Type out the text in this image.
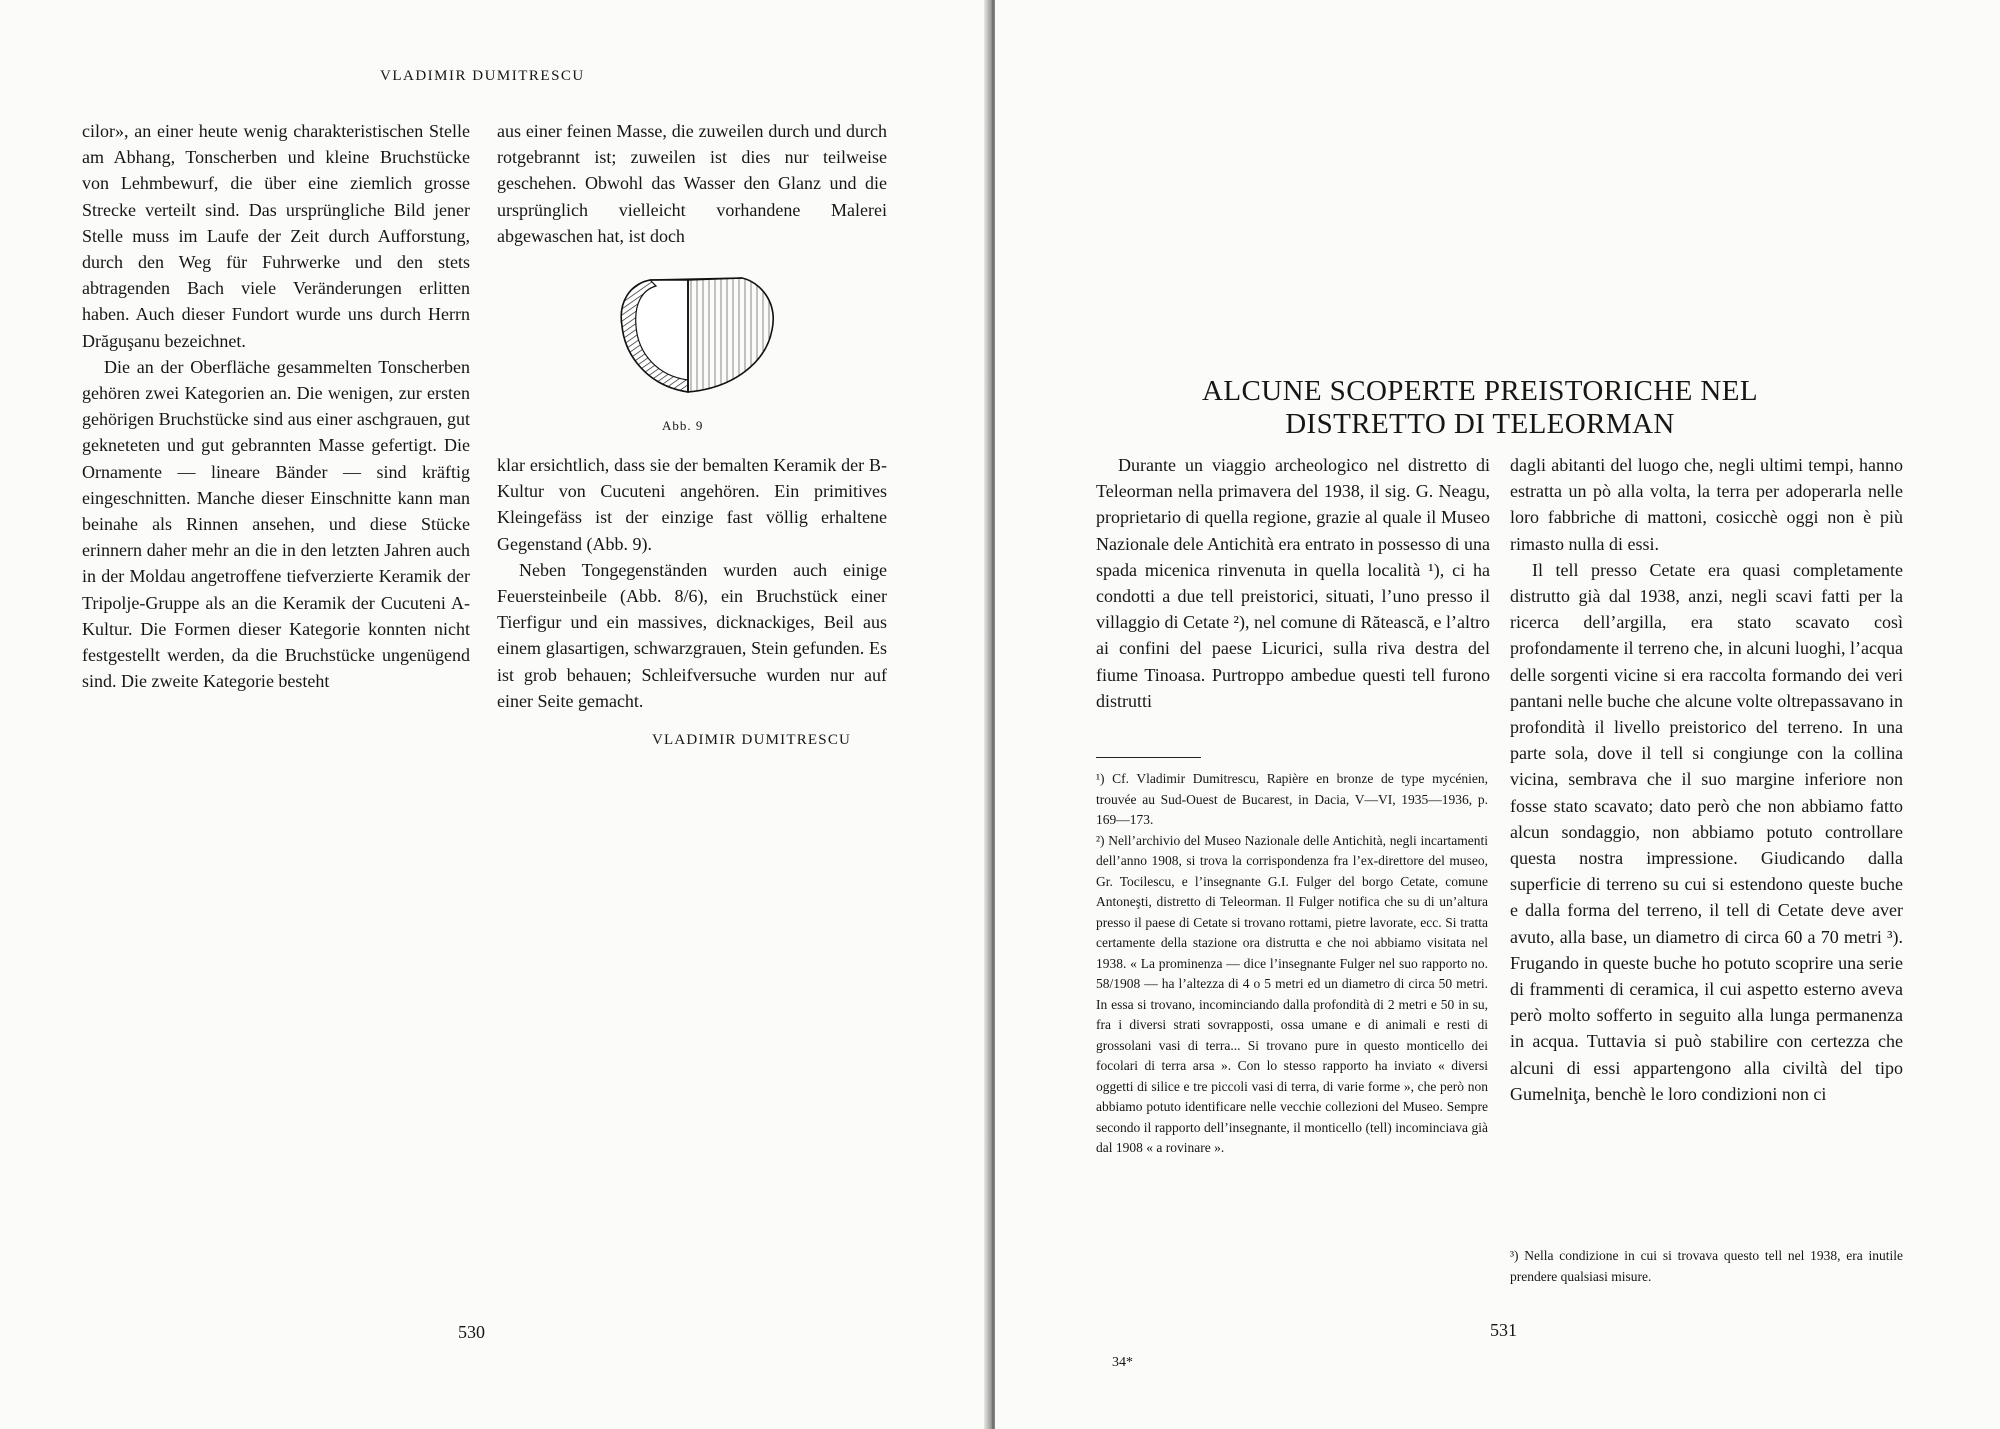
VLADIMIR DUMITRESCU

cilor», an einer heute wenig charakteristischen Stelle am Abhang, Tonscherben und kleine Bruchstücke von Lehmbewurf, die über eine ziemlich grosse Strecke verteilt sind. Das ursprüngliche Bild jener Stelle muss im Laufe der Zeit durch Aufforstung, durch den Weg für Fuhrwerke und den stets abtragenden Bach viele Veränderungen erlitten haben. Auch dieser Fundort wurde uns durch Herrn Drăguşanu bezeichnet.

Die an der Oberfläche gesammelten Tonscherben gehören zwei Kategorien an. Die wenigen, zur ersten gehörigen Bruchstücke sind aus einer aschgrauen, gut gekneteten und gut gebrannten Masse gefertigt. Die Ornamente — lineare Bänder — sind kräftig eingeschnitten. Manche dieser Einschnitte kann man beinahe als Rinnen ansehen, und diese Stücke erinnern daher mehr an die in den letzten Jahren auch in der Moldau angetroffene tiefverzierte Keramik der Tripolje-Gruppe als an die Keramik der Cucuteni A-Kultur. Die Formen dieser Kategorie konnten nicht festgestellt werden, da die Bruchstücke ungenügend sind. Die zweite Kategorie besteht

aus einer feinen Masse, die zuweilen durch und durch rotgebrannt ist; zuweilen ist dies nur teilweise geschehen. Obwohl das Wasser den Glanz und die ursprünglich vielleicht vorhandene Malerei abgewaschen hat, ist doch

Abb. 9

klar ersichtlich, dass sie der bemalten Keramik der B-Kultur von Cucuteni angehören. Ein primitives Kleingefäss ist der einzige fast völlig erhaltene Gegenstand (Abb. 9).

Neben Tongegenständen wurden auch einige Feuersteinbeile (Abb. 8/6), ein Bruchstück einer Tierfigur und ein massives, dicknackiges, Beil aus einem glasartigen, schwarzgrauen, Stein gefunden. Es ist grob behauen; Schleifversuche wurden nur auf einer Seite gemacht.

VLADIMIR DUMITRESCU
530
ALCUNE SCOPERTE PREISTORICHE NEL
DISTRETTO DI TELEORMAN

Durante un viaggio archeologico nel distretto di Teleorman nella primavera del 1938, il sig. G. Neagu, proprietario di quella regione, grazie al quale il Museo Nazionale dele Antichità era entrato in possesso di una spada micenica rinvenuta in quella località ¹), ci ha condotti a due tell preistorici, situati, l’uno presso il villaggio di Cetate ²), nel comune di Rătească, e l’altro ai confini del paese Licurici, sulla riva destra del fiume Tinoasa. Purtroppo ambedue questi tell furono distrutti

¹) Cf. Vladimir Dumitrescu, Rapière en bronze de type mycénien, trouvée au Sud-Ouest de Bucarest, in Dacia, V—VI, 1935—1936, p. 169—173.

²) Nell’archivio del Museo Nazionale delle Antichità, negli incartamenti dell’anno 1908, si trova la corrispondenza fra l’ex-direttore del museo, Gr. Tocilescu, e l’insegnante G.I. Fulger del borgo Cetate, comune Antoneşti, distretto di Teleorman. Il Fulger notifica che su di un’altura presso il paese di Cetate si trovano rottami, pietre lavorate, ecc. Si tratta certamente della stazione ora distrutta e che noi abbiamo visitata nel 1938. « La prominenza — dice l’insegnante Fulger nel suo rapporto no. 58/1908 — ha l’altezza di 4 o 5 metri ed un diametro di circa 50 metri. In essa si trovano, incominciando dalla profondità di 2 metri e 50 in su, fra i diversi strati sovrapposti, ossa umane e di animali e resti di grossolani vasi di terra... Si trovano pure in questo monticello dei focolari di terra arsa ». Con lo stesso rapporto ha inviato « diversi oggetti di silice e tre piccoli vasi di terra, di varie forme », che però non abbiamo potuto identificare nelle vecchie collezioni del Museo. Sempre secondo il rapporto dell’insegnante, il monticello (tell) incominciava già dal 1908 « a rovinare ».

dagli abitanti del luogo che, negli ultimi tempi, hanno estratta un pò alla volta, la terra per adoperarla nelle loro fabbriche di mattoni, cosicchè oggi non è più rimasto nulla di essi.

Il tell presso Cetate era quasi completamente distrutto già dal 1938, anzi, negli scavi fatti per la ricerca dell’argilla, era stato scavato così profondamente il terreno che, in alcuni luoghi, l’acqua delle sorgenti vicine si era raccolta formando dei veri pantani nelle buche che alcune volte oltrepassavano in profondità il livello preistorico del terreno. In una parte sola, dove il tell si congiunge con la collina vicina, sembrava che il suo margine inferiore non fosse stato scavato; dato però che non abbiamo fatto alcun sondaggio, non abbiamo potuto controllare questa nostra impressione. Giudicando dalla superficie di terreno su cui si estendono queste buche e dalla forma del terreno, il tell di Cetate deve aver avuto, alla base, un diametro di circa 60 a 70 metri ³). Frugando in queste buche ho potuto scoprire una serie di frammenti di ceramica, il cui aspetto esterno aveva però molto sofferto in seguito alla lunga permanenza in acqua. Tuttavia si può stabilire con certezza che alcuni di essi appartengono alla civiltà del tipo Gumelniţa, benchè le loro condizioni non ci

³) Nella condizione in cui si trovava questo tell nel 1938, era inutile prendere qualsiasi misure.
34*
531
